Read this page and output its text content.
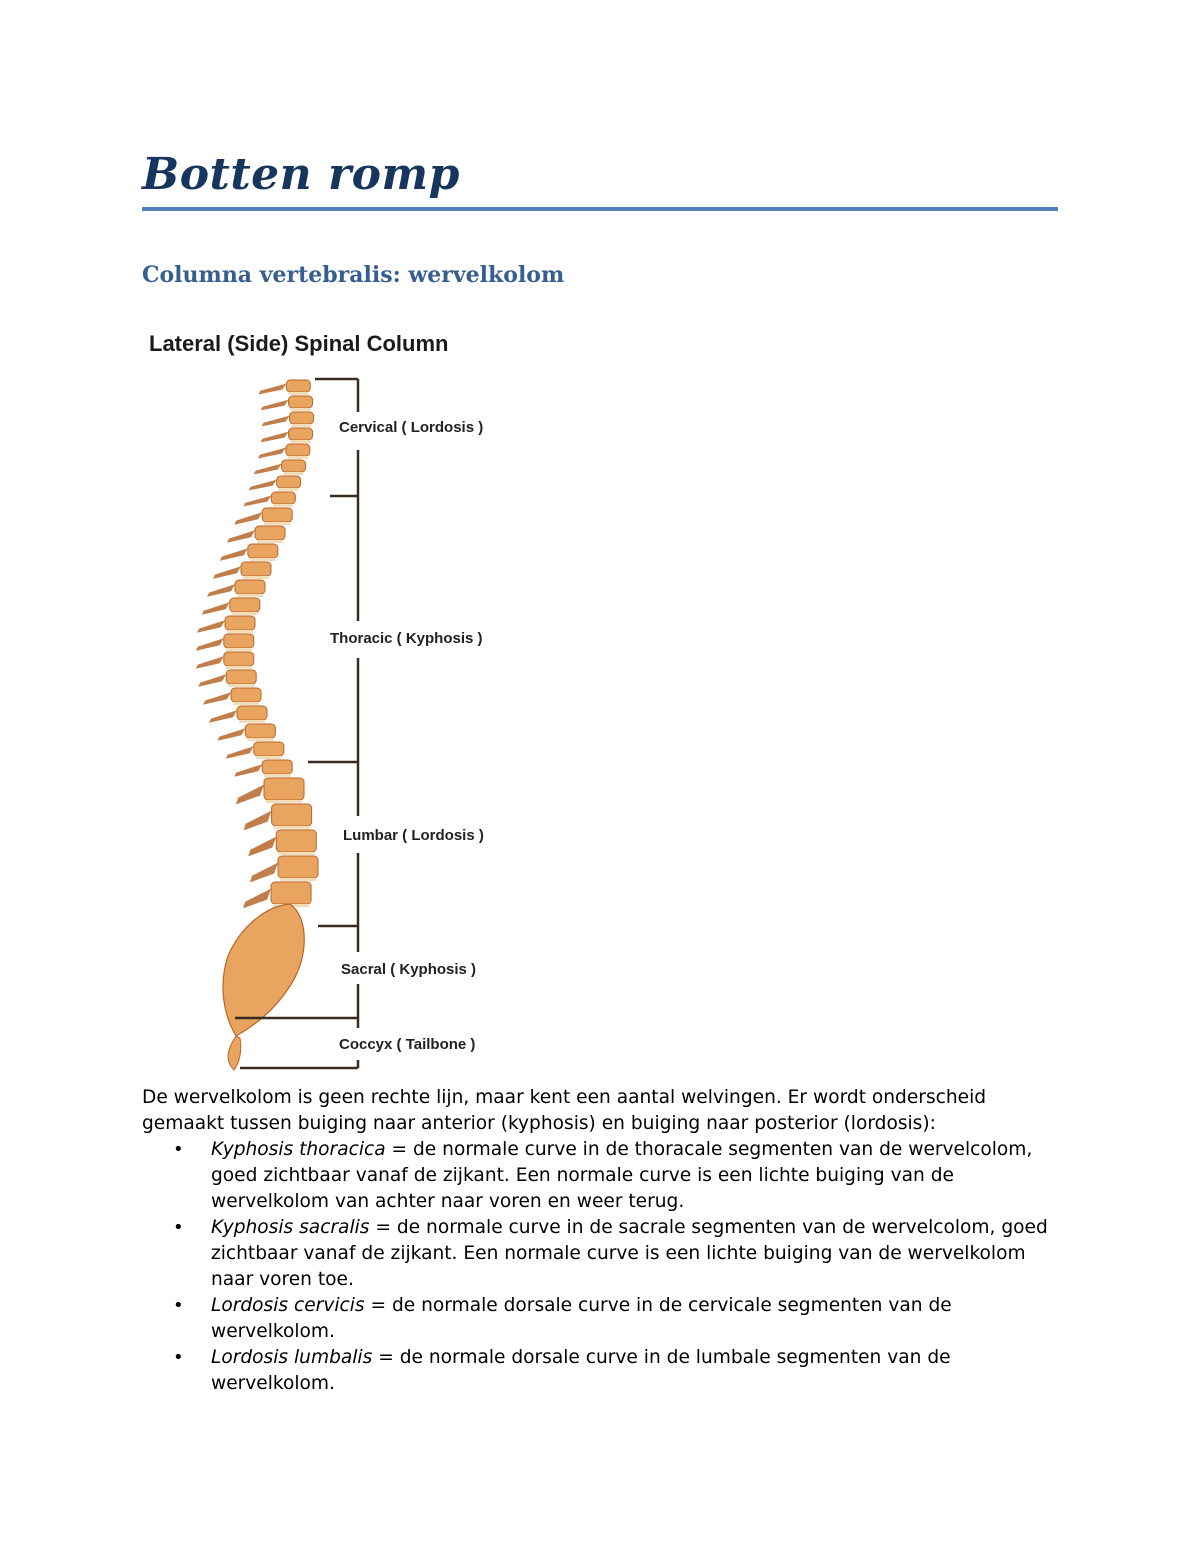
Botten romp
Columna vertebralis: wervelkolom
Lateral (Side) Spinal Column
Cervical ( Lordosis )
Thoracic ( Kyphosis )
Lumbar ( Lordosis )
Sacral ( Kyphosis )
Coccyx ( Tailbone )

De wervelkolom is geen rechte lijn, maar kent een aantal welvingen. Er wordt onderscheid gemaakt tussen buiging naar anterior (kyphosis) en buiging naar posterior (lordosis):

• Kyphosis thoracica = de normale curve in de thoracale segmenten van de wervelcolom, goed zichtbaar vanaf de zijkant. Een normale curve is een lichte buiging van de wervelkolom van achter naar voren en weer terug.
• Kyphosis sacralis = de normale curve in de sacrale segmenten van de wervelcolom, goed zichtbaar vanaf de zijkant. Een normale curve is een lichte buiging van de wervelkolom naar voren toe.
• Lordosis cervicis = de normale dorsale curve in de cervicale segmenten van de wervelkolom.
• Lordosis lumbalis = de normale dorsale curve in de lumbale segmenten van de wervelkolom.
